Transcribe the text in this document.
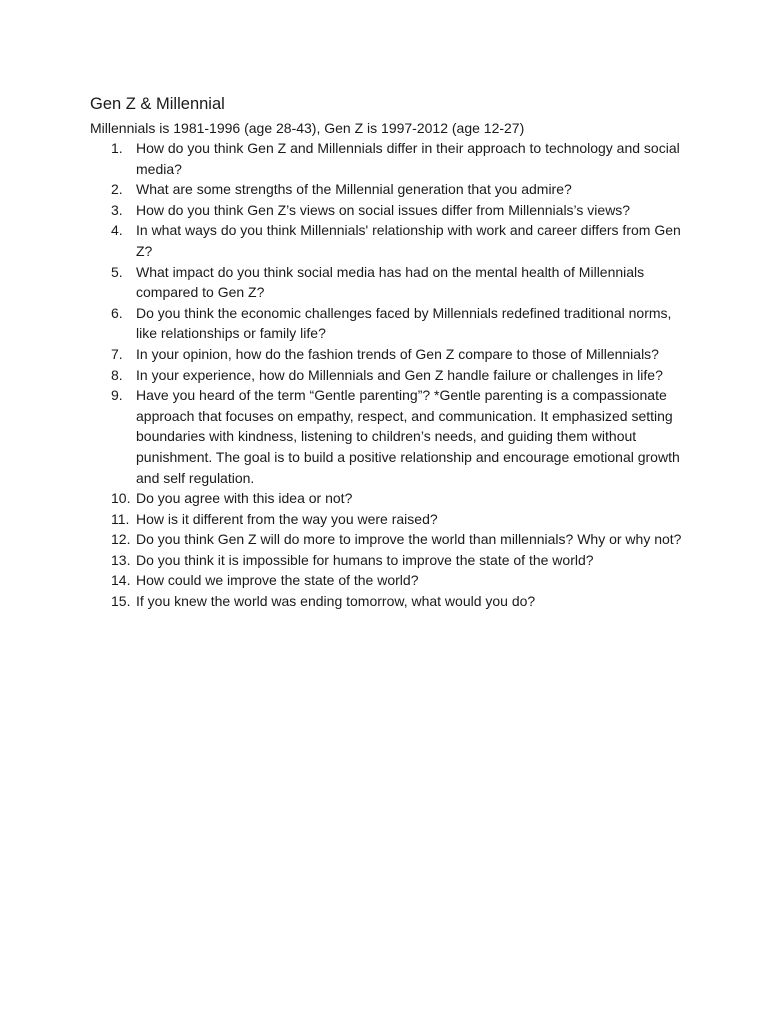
Gen Z & Millennial
Millennials is 1981-1996 (age 28-43), Gen Z is 1997-2012 (age 12-27)
1. How do you think Gen Z and Millennials differ in their approach to technology and social media?
2. What are some strengths of the Millennial generation that you admire?
3. How do you think Gen Z’s views on social issues differ from Millennials’s views?
4. In what ways do you think Millennials' relationship with work and career differs from Gen Z?
5. What impact do you think social media has had on the mental health of Millennials compared to Gen Z?
6. Do you think the economic challenges faced by Millennials redefined traditional norms, like relationships or family life?
7. In your opinion, how do the fashion trends of Gen Z compare to those of Millennials?
8. In your experience, how do Millennials and Gen Z handle failure or challenges in life?
9. Have you heard of the term “Gentle parenting”? *Gentle parenting is a compassionate approach that focuses on empathy, respect, and communication. It emphasized setting boundaries with kindness, listening to children’s needs, and guiding them without punishment. The goal is to build a positive relationship and encourage emotional growth and self regulation.
10. Do you agree with this idea or not?
11. How is it different from the way you were raised?
12. Do you think Gen Z will do more to improve the world than millennials? Why or why not?
13. Do you think it is impossible for humans to improve the state of the world?
14. How could we improve the state of the world?
15. If you knew the world was ending tomorrow, what would you do?
